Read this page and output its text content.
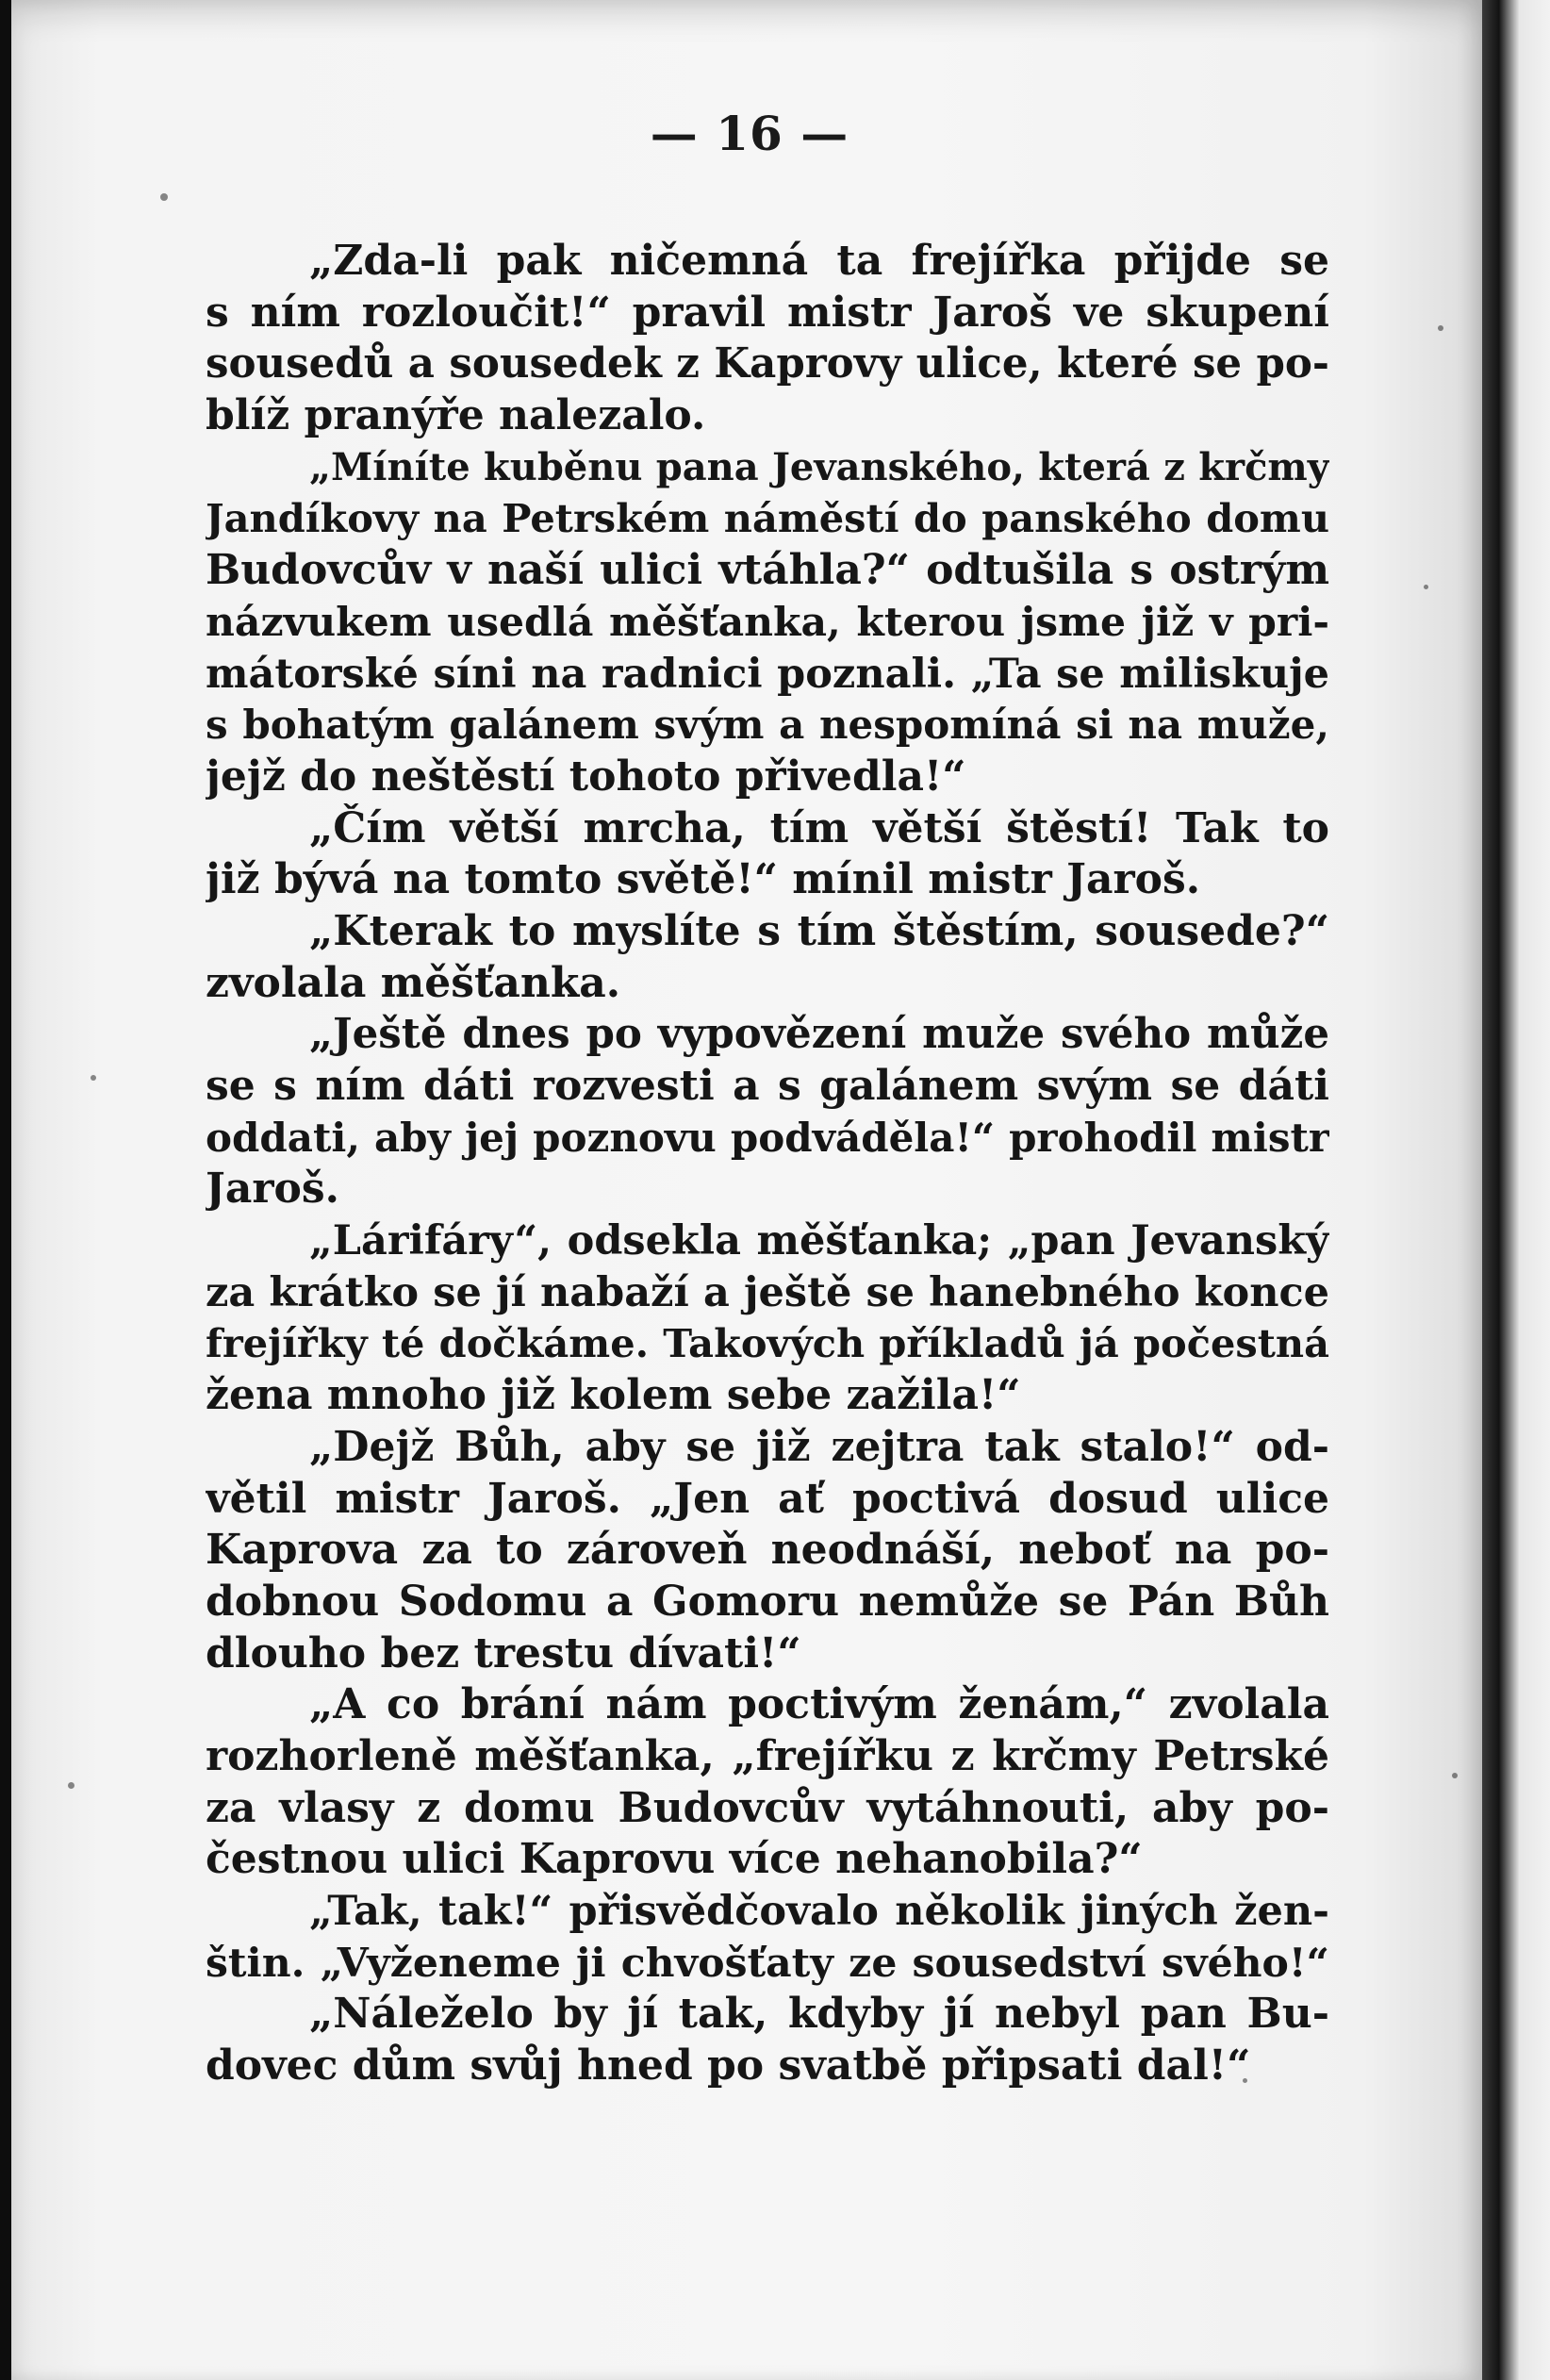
— 16 —
„Zda-li pak ničemná ta frejířka přijde se
s ním rozloučit!“ pravil mistr Jaroš ve skupení
sousedů a sousedek z Kaprovy ulice, které se po-
blíž pranýře nalezalo.
„Míníte kuběnu pana Jevanského, která z krčmy
Jandíkovy na Petrském náměstí do panského domu
Budovcův v naší ulici vtáhla?“ odtušila s ostrým
názvukem usedlá měšťanka, kterou jsme již v pri-
mátorské síni na radnici poznali. „Ta se miliskuje
s bohatým galánem svým a nespomíná si na muže,
jejž do neštěstí tohoto přivedla!“
„Čím větší mrcha, tím větší štěstí! Tak to
již bývá na tomto světě!“ mínil mistr Jaroš.
„Kterak to myslíte s tím štěstím, sousede?“
zvolala měšťanka.
„Ještě dnes po vypovězení muže svého může
se s ním dáti rozvesti a s galánem svým se dáti
oddati, aby jej poznovu podváděla!“ prohodil mistr
Jaroš.
„Lárifáry“, odsekla měšťanka; „pan Jevanský
za krátko se jí nabaží a ještě se hanebného konce
frejířky té dočkáme. Takových příkladů já počestná
žena mnoho již kolem sebe zažila!“
„Dejž Bůh, aby se již zejtra tak stalo!“ od-
větil mistr Jaroš. „Jen ať poctivá dosud ulice
Kaprova za to zároveň neodnáší, neboť na po-
dobnou Sodomu a Gomoru nemůže se Pán Bůh
dlouho bez trestu dívati!“
„A co brání nám poctivým ženám,“ zvolala
rozhorleně měšťanka, „frejířku z krčmy Petrské
za vlasy z domu Budovcův vytáhnouti, aby po-
čestnou ulici Kaprovu více nehanobila?“
„Tak, tak!“ přisvědčovalo několik jiných žen-
štin. „Vyženeme ji chvošťaty ze sousedství svého!“
„Náleželo by jí tak, kdyby jí nebyl pan Bu-
dovec dům svůj hned po svatbě připsati dal!“
